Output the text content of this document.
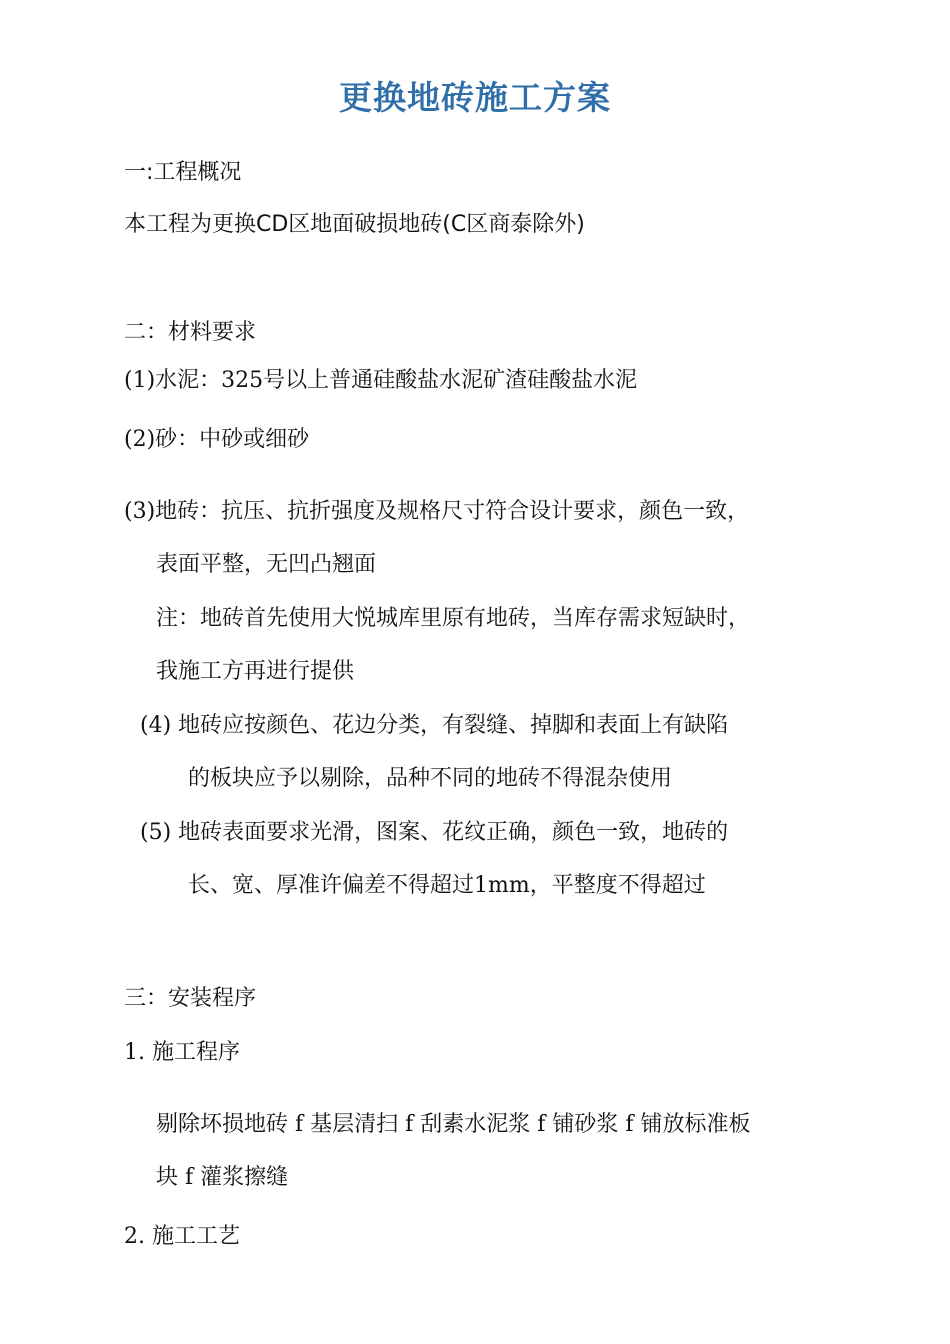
更换地砖施工方案
一:工程概况
本工程为更换CD区地面破损地砖(C区商泰除外)
二：材料要求
(1)水泥：325号以上普通硅酸盐水泥矿渣硅酸盐水泥
(2)砂：中砂或细砂
(3)地砖：抗压、抗折强度及规格尺寸符合设计要求，颜色一致，
表面平整，无凹凸翘面
注：地砖首先使用大悦城库里原有地砖，当库存需求短缺时，
我施工方再进行提供
(4) 地砖应按颜色、花边分类，有裂缝、掉脚和表面上有缺陷
的板块应予以剔除，品种不同的地砖不得混杂使用
(5) 地砖表面要求光滑，图案、花纹正确，颜色一致，地砖的
长、宽、厚准许偏差不得超过1mm，平整度不得超过
三：安装程序
1. 施工程序
剔除坏损地砖 f 基层清扫 f 刮素水泥浆 f 铺砂浆 f 铺放标准板
块 f 灌浆擦缝
2. 施工工艺
